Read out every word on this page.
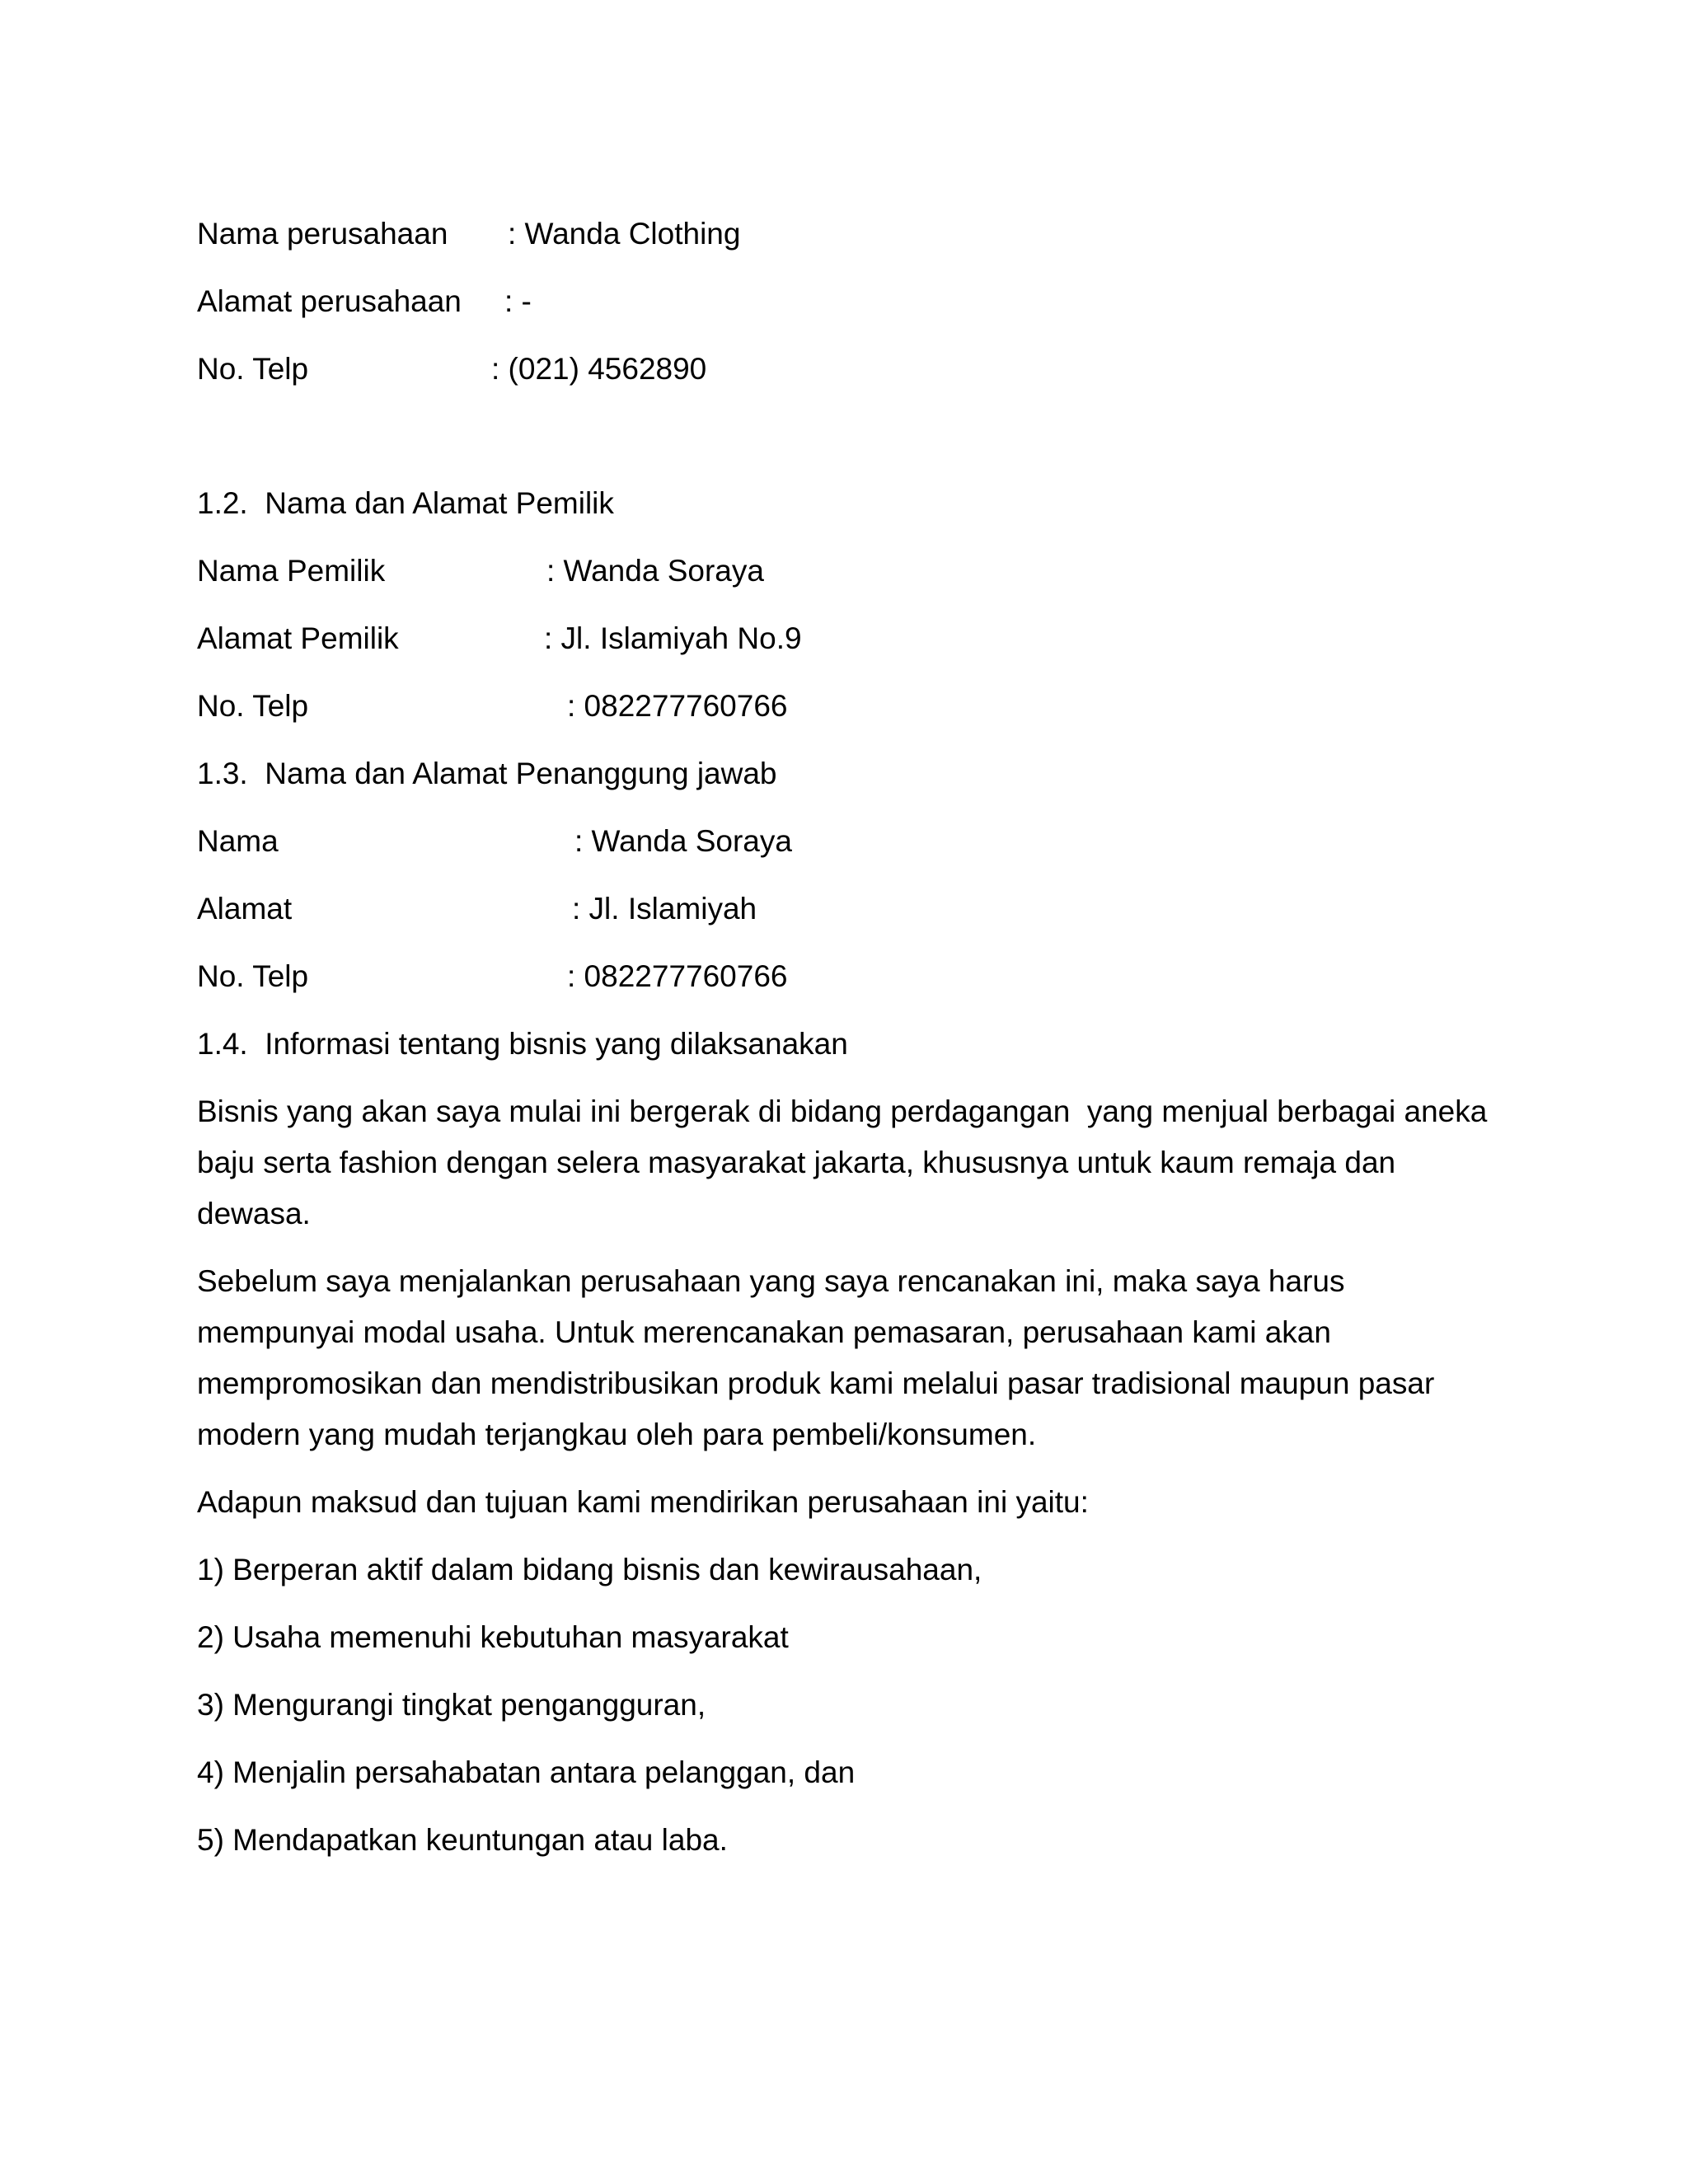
Nama perusahaan : Wanda Clothing
Alamat perusahaan : -
No. Telp	: (021) 4562890
1.2.  Nama dan Alamat Pemilik
Nama Pemilik	: Wanda Soraya
Alamat Pemilik	: Jl. Islamiyah No.9
No. Telp	: 082277760766
1.3.  Nama dan Alamat Penanggung jawab
Nama	: Wanda Soraya
Alamat	: Jl. Islamiyah
No. Telp	: 082277760766
1.4.  Informasi tentang bisnis yang dilaksanakan
Bisnis yang akan saya mulai ini bergerak di bidang perdagangan  yang menjual berbagai aneka
baju serta fashion dengan selera masyarakat jakarta, khususnya untuk kaum remaja dan
dewasa.
Sebelum saya menjalankan perusahaan yang saya rencanakan ini, maka saya harus
mempunyai modal usaha. Untuk merencanakan pemasaran, perusahaan kami akan
mempromosikan dan mendistribusikan produk kami melalui pasar tradisional maupun pasar
modern yang mudah terjangkau oleh para pembeli/konsumen.
Adapun maksud dan tujuan kami mendirikan perusahaan ini yaitu:
1) Berperan aktif dalam bidang bisnis dan kewirausahaan,
2) Usaha memenuhi kebutuhan masyarakat
3) Mengurangi tingkat pengangguran,
4) Menjalin persahabatan antara pelanggan, dan
5) Mendapatkan keuntungan atau laba.
